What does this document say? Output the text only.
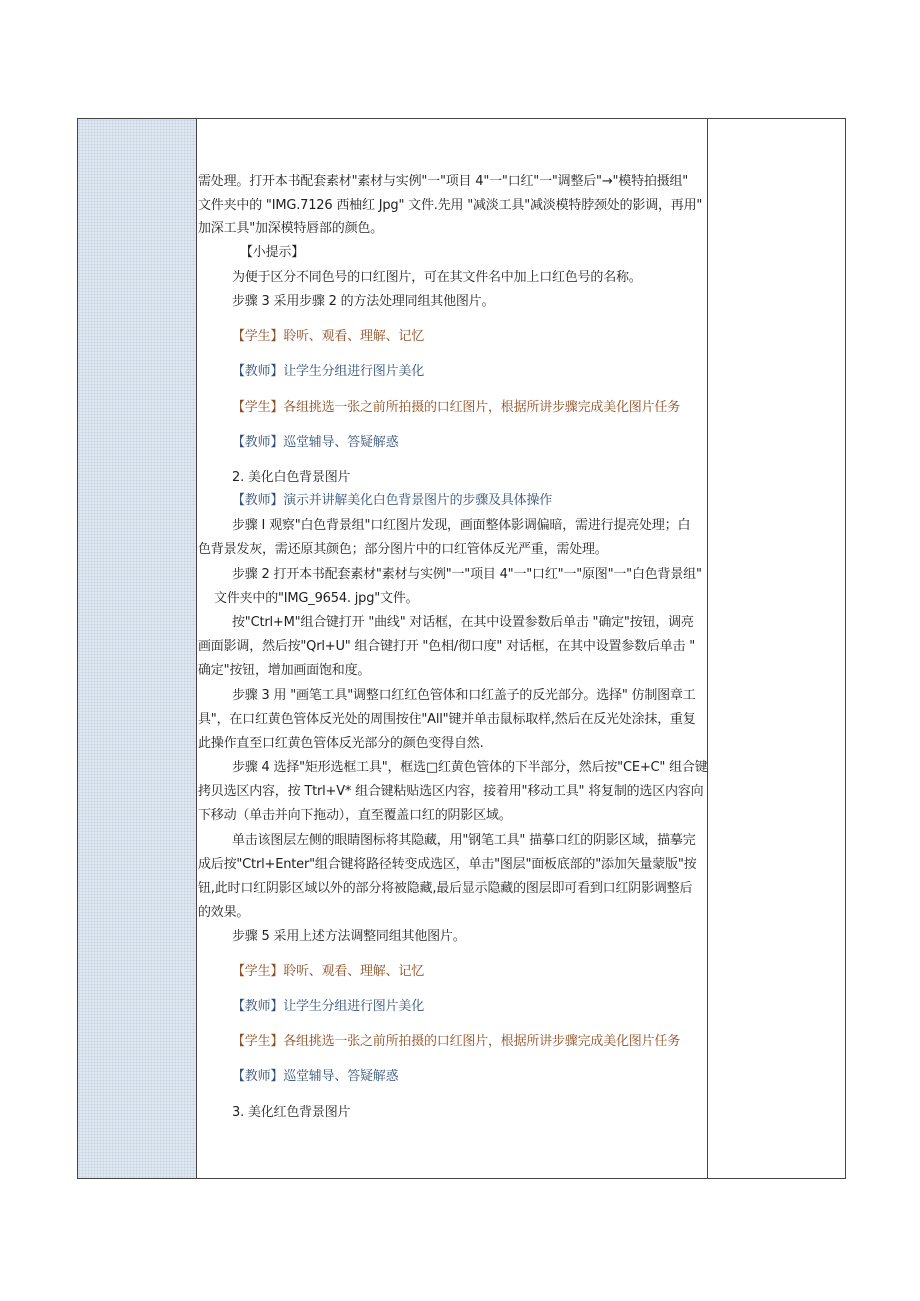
需处理。打开本书配套素材"素材与实例"一"项目 4"一"口红"一"调整后"→"模特拍摄组"

文件夹中的 "IMG.7126 西柚红 Jpg" 文件.先用 "减淡工具"减淡模特脖颈处的影调，再用"

加深工具"加深模特唇部的颜色。

【小提示】

为便于区分不同色号的口红图片，可在其文件名中加上口红色号的名称。

步骤 3 采用步骤 2 的方法处理同组其他图片。

【学生】聆听、观看、理解、记忆

【教师】让学生分组进行图片美化

【学生】各组挑选一张之前所拍摄的口红图片，根据所讲步骤完成美化图片任务

【教师】巡堂辅导、答疑解惑

2. 美化白色背景图片

【教师】演示并讲解美化白色背景图片的步骤及具体操作

步骤 I 观察"白色背景组"口红图片发现，画面整体影调偏暗，需进行提亮处理；白

色背景发灰，需还原其颜色；部分图片中的口红管体反光严重，需处理。

步骤 2 打开本书配套素材"素材与实例"一"项目 4"一"口红"一"原图"一"白色背景组"

文件夹中的"IMG_9654. jpg"文件。

按"Ctrl+M"组合键打开 "曲线" 对话框，在其中设置参数后单击 "确定"按钮，调亮

画面影调，然后按"Qrl+U" 组合键打开 "色相/彻口度" 对话框，在其中设置参数后单击 "

确定"按钮，增加画面饱和度。

步骤 3 用 "画笔工具"调整口红红色管体和口红盖子的反光部分。选择" 仿制图章工

具"，在口红黄色管体反光处的周围按住"All"键并单击鼠标取样,然后在反光处涂抹，重复

此操作直至口红黄色管体反光部分的颜色变得自然.

步骤 4 选择"矩形选框工具"，框选□红黄色管体的下半部分，然后按"CE+C" 组合键

拷贝选区内容，按 Ttrl+V* 组合键粘贴选区内容，接着用"移动工具" 将复制的选区内容向

下移动（单击并向下拖动），直至覆盖口红的阴影区域。

单击该图层左侧的眼睛图标将其隐藏，用"钢笔工具" 描摹口红的阴影区域，描摹完

成后按"Ctrl+Enter"组合键将路径转变成选区，单击"图层"面板底部的"添加矢量蒙版"按

钮,此时口红阴影区域以外的部分将被隐藏,最后显示隐藏的图层即可看到口红阴影调整后

的效果。

步骤 5 采用上述方法调整同组其他图片。

【学生】聆听、观看、理解、记忆

【教师】让学生分组进行图片美化

【学生】各组挑选一张之前所拍摄的口红图片，根据所讲步骤完成美化图片任务

【教师】巡堂辅导、答疑解惑

3. 美化红色背景图片
